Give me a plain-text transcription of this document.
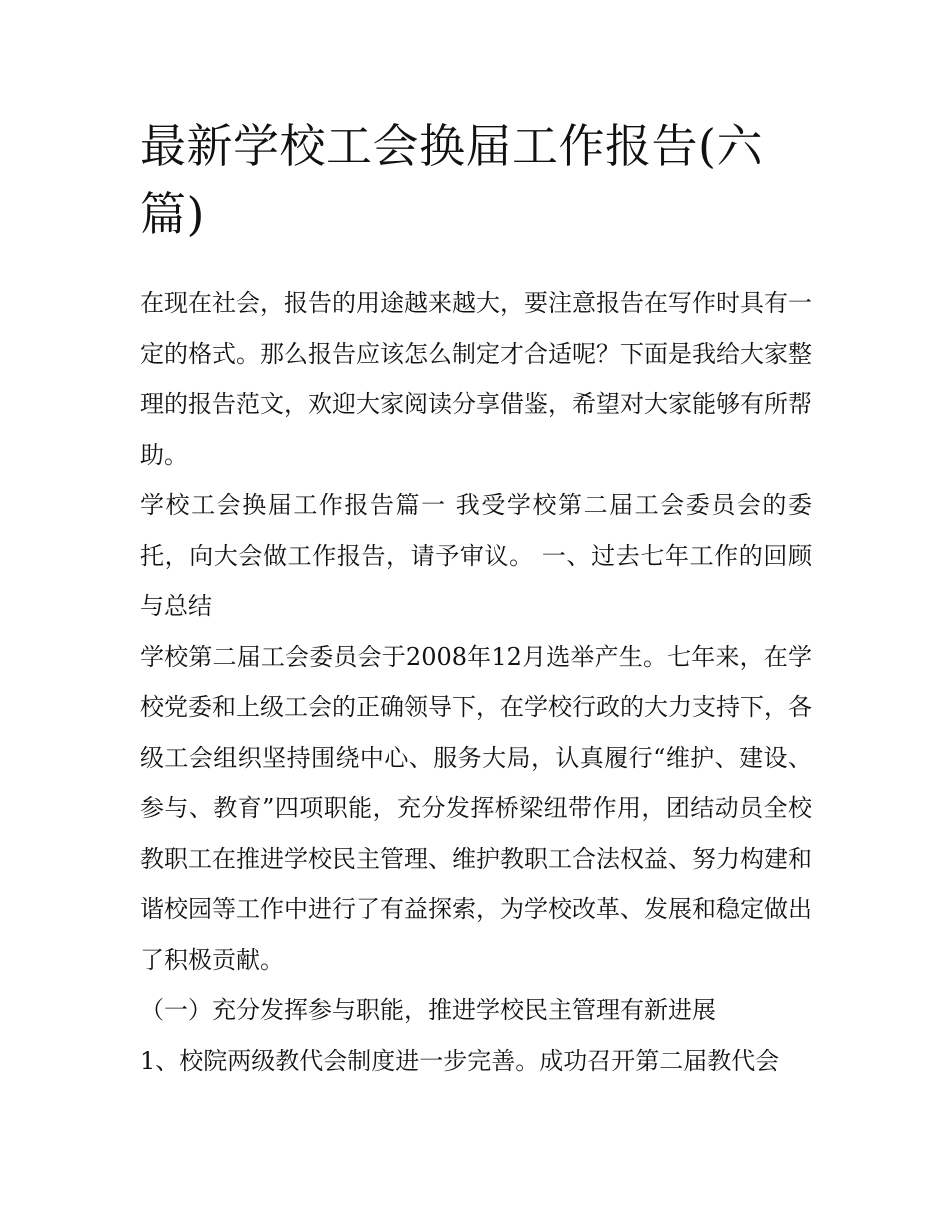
最新学校工会换届工作报告(六篇)

在现在社会，报告的用途越来越大，要注意报告在写作时具有一定的格式。那么报告应该怎么制定才合适呢？下面是我给大家整理的报告范文，欢迎大家阅读分享借鉴，希望对大家能够有所帮助。

学校工会换届工作报告篇一 我受学校第二届工会委员会的委托，向大会做工作报告，请予审议。 一、过去七年工作的回顾与总结

学校第二届工会委员会于2008年12月选举产生。七年来，在学校党委和上级工会的正确领导下，在学校行政的大力支持下，各级工会组织坚持围绕中心、服务大局，认真履行“维护、建设、参与、教育”四项职能，充分发挥桥梁纽带作用，团结动员全校教职工在推进学校民主管理、维护教职工合法权益、努力构建和谐校园等工作中进行了有益探索，为学校改革、发展和稳定做出了积极贡献。

（一）充分发挥参与职能，推进学校民主管理有新进展

1、校院两级教代会制度进一步完善。成功召开第二届教代会
